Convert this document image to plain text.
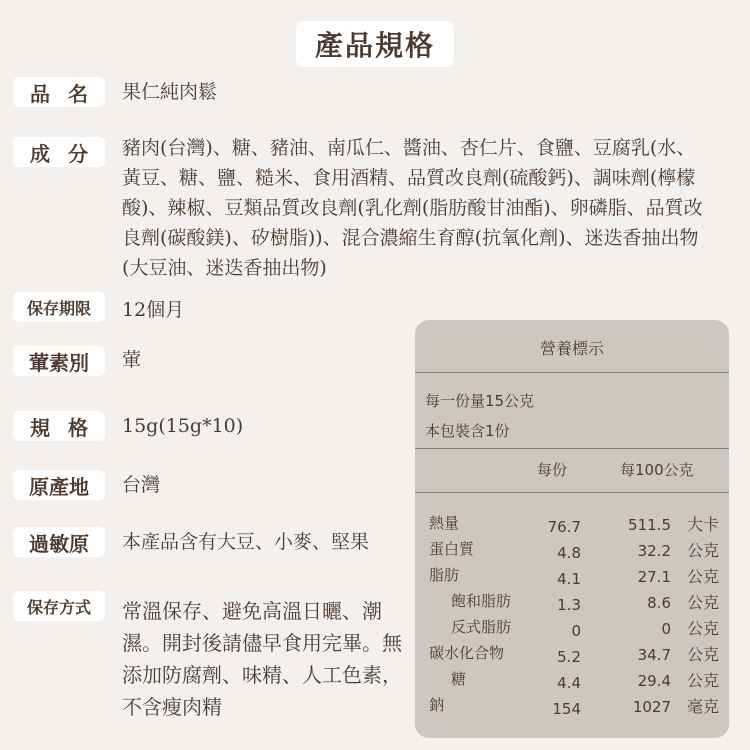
產品規格
品名 果仁純肉鬆
成分 豬肉(台灣)、糖、豬油、南瓜仁、醬油、杏仁片、食鹽、豆腐乳(水、黃豆、糖、鹽、糙米、食用酒精、品質改良劑(硫酸鈣)、調味劑(檸檬酸)、辣椒、豆類品質改良劑(乳化劑(脂肪酸甘油酯)、卵磷脂、品質改良劑(碳酸鎂)、矽樹脂))、混合濃縮生育醇(抗氧化劑)、迷迭香抽出物(大豆油、迷迭香抽出物)
保存期限	12個月
葷素別	葷
規格 15g(15g*10)
原產地	台灣
過敏原	本產品含有大豆、小麥、堅果
保存方式	常溫保存、避免高溫日曬、潮濕。開封後請儘早食用完畢。無添加防腐劑、味精、人工色素，不含瘦肉精
營養標示
每一份量15公克
本包裝含1份
每份	每100公克
熱量	76.7	511.5 大卡
蛋白質	4.8	32.2 公克
脂肪	4.1	27.1 公克
飽和脂肪	1.3	8.6 公克
反式脂肪	0	0 公克
碳水化合物	5.2	34.7 公克
糖	4.4	29.4 公克
鈉	154	1027 毫克
